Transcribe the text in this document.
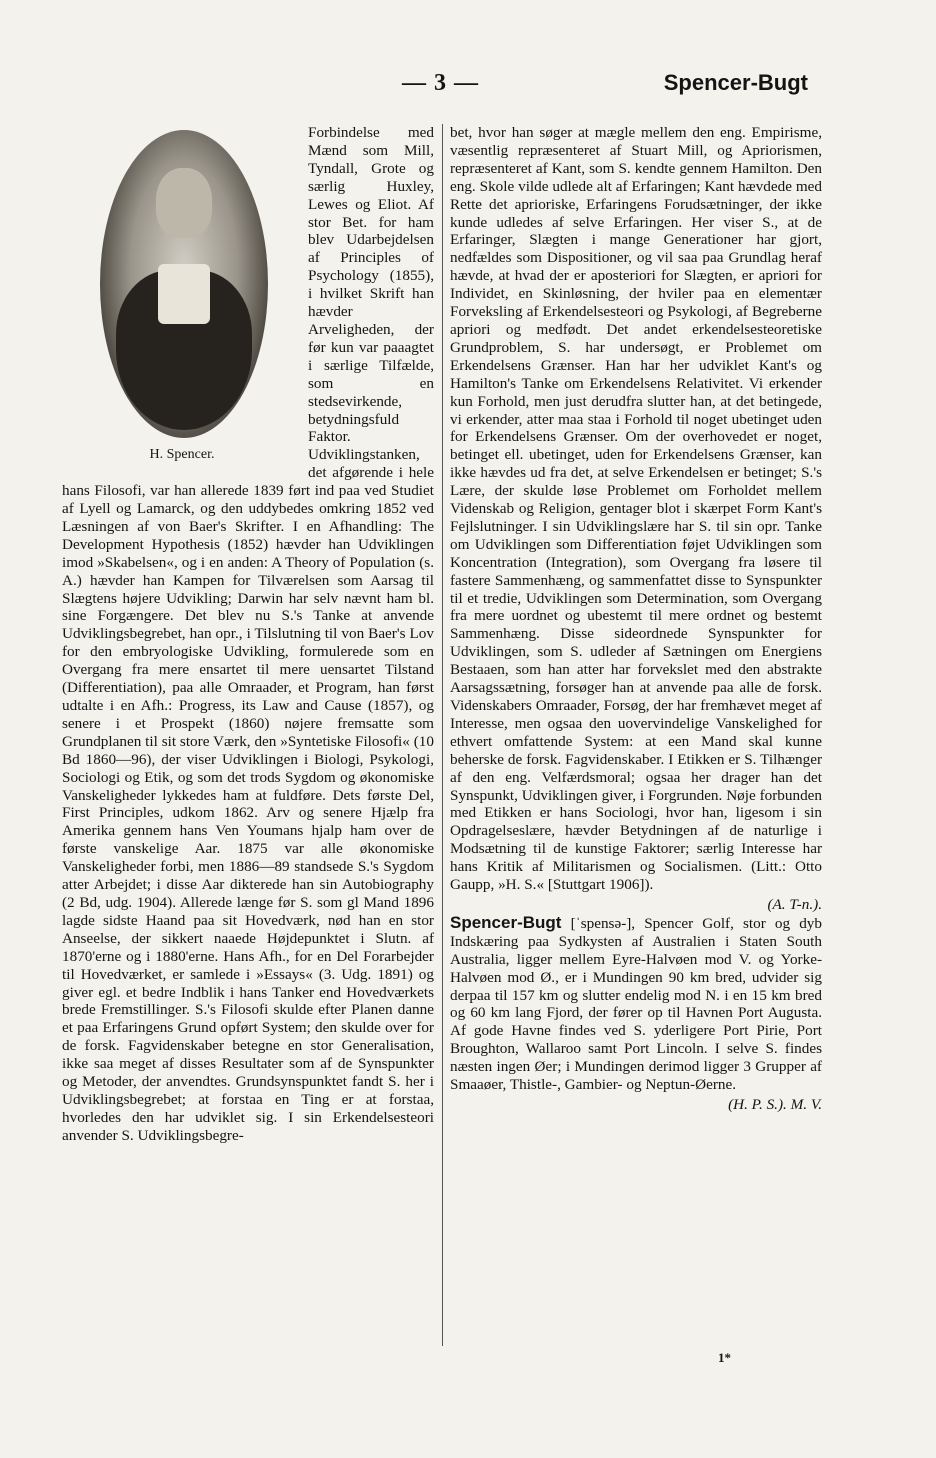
— 3 —	Spencer-Bugt
H. Spencer.

Forbindelse med Mænd som Mill, Tyndall, Grote og særlig Huxley, Lewes og Eliot. Af stor Bet. for ham blev Udarbejdelsen af Principles of Psychology (1855), i hvilket Skrift han hævder Arveligheden, der før kun var paaagtet i særlige Tilfælde, som en stedsevirkende, betydningsfuld Faktor. Udviklingstanken, det afgørende i hele hans Filosofi, var han allerede 1839 ført ind paa ved Studiet af Lyell og Lamarck, og den uddybedes omkring 1852 ved Læsningen af von Baer's Skrifter. I en Afhandling: The Development Hypothesis (1852) hævder han Udviklingen imod »Skabelsen«, og i en anden: A Theory of Population (s. A.) hævder han Kampen for Tilværelsen som Aarsag til Slægtens højere Udvikling; Darwin har selv nævnt ham bl. sine Forgængere. Det blev nu S.'s Tanke at anvende Udviklingsbegrebet, han opr., i Tilslutning til von Baer's Lov for den embryologiske Udvikling, formulerede som en Overgang fra mere ensartet til mere uensartet Tilstand (Differentiation), paa alle Omraader, et Program, han først udtalte i en Afh.: Progress, its Law and Cause (1857), og senere i et Prospekt (1860) nøjere fremsatte som Grundplanen til sit store Værk, den »Syntetiske Filosofi« (10 Bd 1860—96), der viser Udviklingen i Biologi, Psykologi, Sociologi og Etik, og som det trods Sygdom og økonomiske Vanskeligheder lykkedes ham at fuldføre. Dets første Del, First Principles, udkom 1862. Arv og senere Hjælp fra Amerika gennem hans Ven Youmans hjalp ham over de første vanskelige Aar. 1875 var alle økonomiske Vanskeligheder forbi, men 1886—89 standsede S.'s Sygdom atter Arbejdet; i disse Aar dikterede han sin Autobiography (2 Bd, udg. 1904). Allerede længe før S. som gl Mand 1896 lagde sidste Haand paa sit Hovedværk, nød han en stor Anseelse, der sikkert naaede Højdepunktet i Slutn. af 1870'erne og i 1880'erne. Hans Afh., for en Del Forarbejder til Hovedværket, er samlede i »Essays« (3. Udg. 1891) og giver egl. et bedre Indblik i hans Tanker end Hovedværkets brede Fremstillinger. S.'s Filosofi skulde efter Planen danne et paa Erfaringens Grund opført System; den skulde over for de forsk. Fagvidenskaber betegne en stor Generalisation, ikke saa meget af disses Resultater som af de Synspunkter og Metoder, der anvendtes. Grundsynspunktet fandt S. her i Udviklingsbegrebet; at forstaa en Ting er at forstaa, hvorledes den har udviklet sig. I sin Erkendelsesteori anvender S. Udviklingsbegre-

bet, hvor han søger at mægle mellem den eng. Empirisme, væsentlig repræsenteret af Stuart Mill, og Apriorismen, repræsenteret af Kant, som S. kendte gennem Hamilton. Den eng. Skole vilde udlede alt af Erfaringen; Kant hævdede med Rette det aprioriske, Erfaringens Forudsætninger, der ikke kunde udledes af selve Erfaringen. Her viser S., at de Erfaringer, Slægten i mange Generationer har gjort, nedfældes som Dispositioner, og vil saa paa Grundlag heraf hævde, at hvad der er aposteriori for Slægten, er apriori for Individet, en Skinløsning, der hviler paa en elementær Forveksling af Erkendelsesteori og Psykologi, af Begreberne apriori og medfødt. Det andet erkendelsesteoretiske Grundproblem, S. har undersøgt, er Problemet om Erkendelsens Grænser. Han har her udviklet Kant's og Hamilton's Tanke om Erkendelsens Relativitet. Vi erkender kun Forhold, men just derudfra slutter han, at det betingede, vi erkender, atter maa staa i Forhold til noget ubetinget uden for Erkendelsens Grænser. Om der overhovedet er noget, betinget ell. ubetinget, uden for Erkendelsens Grænser, kan ikke hævdes ud fra det, at selve Erkendelsen er betinget; S.'s Lære, der skulde løse Problemet om Forholdet mellem Videnskab og Religion, gentager blot i skærpet Form Kant's Fejlslutninger. I sin Udviklingslære har S. til sin opr. Tanke om Udviklingen som Differentiation føjet Udviklingen som Koncentration (Integration), som Overgang fra løsere til fastere Sammenhæng, og sammenfattet disse to Synspunkter til et tredie, Udviklingen som Determination, som Overgang fra mere uordnet og ubestemt til mere ordnet og bestemt Sammenhæng. Disse sideordnede Synspunkter for Udviklingen, som S. udleder af Sætningen om Energiens Bestaaen, som han atter har forvekslet med den abstrakte Aarsagssætning, forsøger han at anvende paa alle de forsk. Videnskabers Omraader, Forsøg, der har fremhævet meget af Interesse, men ogsaa den uovervindelige Vanskelighed for ethvert omfattende System: at een Mand skal kunne beherske de forsk. Fagvidenskaber. I Etikken er S. Tilhænger af den eng. Velfærdsmoral; ogsaa her drager han det Synspunkt, Udviklingen giver, i Forgrunden. Nøje forbunden med Etikken er hans Sociologi, hvor han, ligesom i sin Opdragelseslære, hævder Betydningen af de naturlige i Modsætning til de kunstige Faktorer; særlig Interesse har hans Kritik af Militarismen og Socialismen. (Litt.: Otto Gaupp, »H. S.« [Stuttgart 1906]).

(A. T-n.).

Spencer-Bugt [ˈspensə-], Spencer Golf, stor og dyb Indskæring paa Sydkysten af Australien i Staten South Australia, ligger mellem Eyre-Halvøen mod V. og Yorke-Halvøen mod Ø., er i Mundingen 90 km bred, udvider sig derpaa til 157 km og slutter endelig mod N. i en 15 km bred og 60 km lang Fjord, der fører op til Havnen Port Augusta. Af gode Havne findes ved S. yderligere Port Pirie, Port Broughton, Wallaroo samt Port Lincoln. I selve S. findes næsten ingen Øer; i Mundingen derimod ligger 3 Grupper af Smaaøer, Thistle-, Gambier- og Neptun-Øerne.

(H. P. S.). M. V.

1*
